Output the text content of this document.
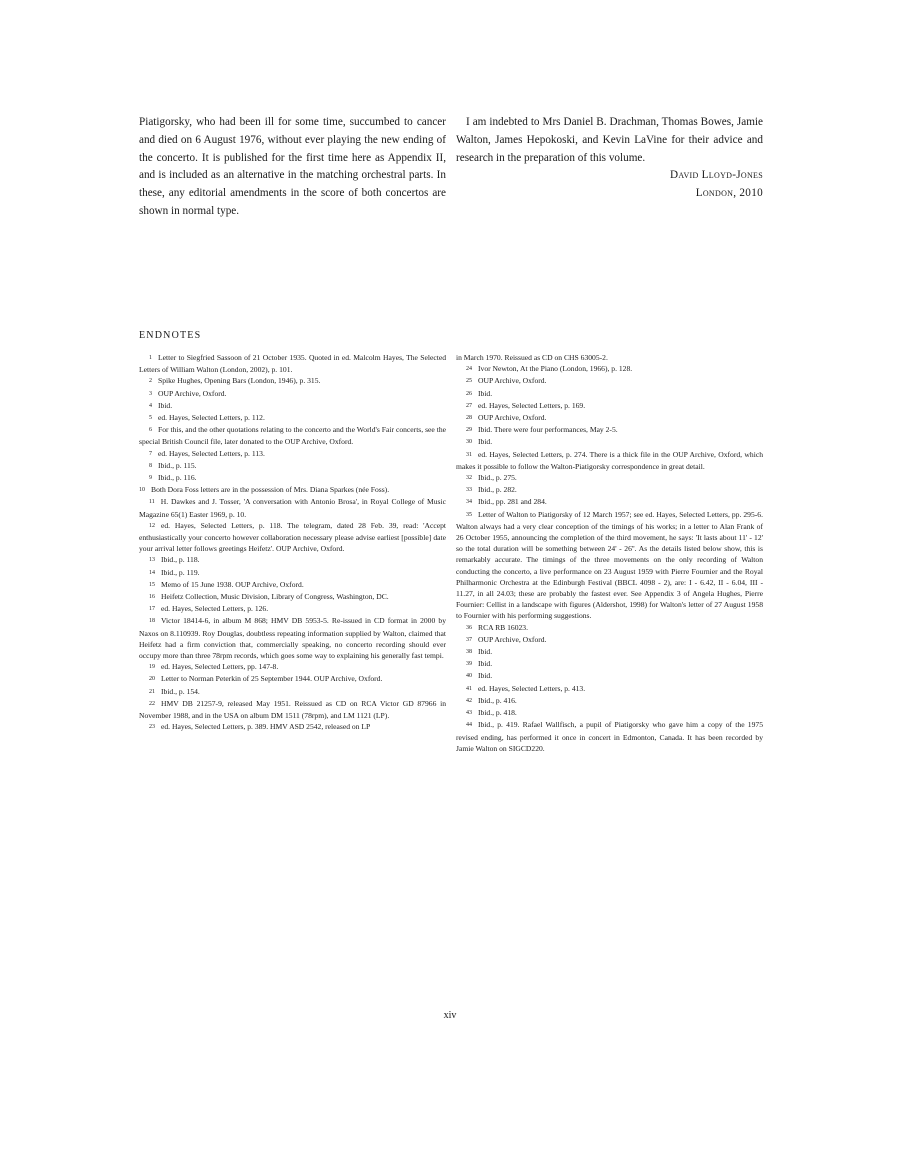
Piatigorsky, who had been ill for some time, succumbed to cancer and died on 6 August 1976, without ever playing the new ending of the concerto. It is published for the first time here as Appendix II, and is included as an alternative in the matching orchestral parts. In these, any editorial amendments in the score of both concertos are shown in normal type.

I am indebted to Mrs Daniel B. Drachman, Thomas Bowes, Jamie Walton, James Hepokoski, and Kevin LaVine for their advice and research in the preparation of this volume.

David Lloyd-Jones

London, 2010

ENDNOTES

1 Letter to Siegfried Sassoon of 21 October 1935. Quoted in ed. Malcolm Hayes, The Selected Letters of William Walton (London, 2002), p. 101.

2 Spike Hughes, Opening Bars (London, 1946), p. 315.

3 OUP Archive, Oxford.

4 Ibid.

5 ed. Hayes, Selected Letters, p. 112.

6 For this, and the other quotations relating to the concerto and the World's Fair concerts, see the special British Council file, later donated to the OUP Archive, Oxford.

7 ed. Hayes, Selected Letters, p. 113.

8 Ibid., p. 115.

9 Ibid., p. 116.

10 Both Dora Foss letters are in the possession of Mrs. Diana Sparkes (née Foss).

11 H. Dawkes and J. Tosser, 'A conversation with Antonio Brosa', in Royal College of Music Magazine 65(1) Easter 1969, p. 10.

12 ed. Hayes, Selected Letters, p. 118. The telegram, dated 28 Feb. 39, read: 'Accept enthusiastically your concerto however collaboration necessary please advise earliest [possible] date your arrival letter follows greetings Heifetz'. OUP Archive, Oxford.

13 Ibid., p. 118.

14 Ibid., p. 119.

15 Memo of 15 June 1938. OUP Archive, Oxford.

16 Heifetz Collection, Music Division, Library of Congress, Washington, DC.

17 ed. Hayes, Selected Letters, p. 126.

18 Victor 18414-6, in album M 868; HMV DB 5953-5. Re-issued in CD format in 2000 by Naxos on 8.110939. Roy Douglas, doubtless repeating information supplied by Walton, claimed that Heifetz had a firm conviction that, commercially speaking, no concerto recording should ever occupy more than three 78rpm records, which goes some way to explaining his generally fast tempi.

19 ed. Hayes, Selected Letters, pp. 147-8.

20 Letter to Norman Peterkin of 25 September 1944. OUP Archive, Oxford.

21 Ibid., p. 154.

22 HMV DB 21257-9, released May 1951. Reissued as CD on RCA Victor GD 87966 in November 1988, and in the USA on album DM 1511 (78rpm), and LM 1121 (LP).

23 ed. Hayes, Selected Letters, p. 389. HMV ASD 2542, released on LP

in March 1970. Reissued as CD on CHS 63005-2.

24 Ivor Newton, At the Piano (London, 1966), p. 128.

25 OUP Archive, Oxford.

26 Ibid.

27 ed. Hayes, Selected Letters, p. 169.

28 OUP Archive, Oxford.

29 Ibid. There were four performances, May 2-5.

30 Ibid.

31 ed. Hayes, Selected Letters, p. 274. There is a thick file in the OUP Archive, Oxford, which makes it possible to follow the Walton-Piatigorsky correspondence in great detail.

32 Ibid., p. 275.

33 Ibid., p. 282.

34 Ibid., pp. 281 and 284.

35 Letter of Walton to Piatigorsky of 12 March 1957; see ed. Hayes, Selected Letters, pp. 295-6. Walton always had a very clear conception of the timings of his works; in a letter to Alan Frank of 26 October 1955, announcing the completion of the third movement, he says: 'It lasts about 11' - 12' so the total duration will be something between 24' - 26''. As the details listed below show, this is remarkably accurate. The timings of the three movements on the only recording of Walton conducting the concerto, a live performance on 23 August 1959 with Pierre Fournier and the Royal Philharmonic Orchestra at the Edinburgh Festival (BBCL 4098 - 2), are: I - 6.42, II - 6.04, III - 11.27, in all 24.03; these are probably the fastest ever. See Appendix 3 of Angela Hughes, Pierre Fournier: Cellist in a landscape with figures (Aldershot, 1998) for Walton's letter of 27 August 1958 to Fournier with his performing suggestions.

36 RCA RB 16023.

37 OUP Archive, Oxford.

38 Ibid.

39 Ibid.

40 Ibid.

41 ed. Hayes, Selected Letters, p. 413.

42 Ibid., p. 416.

43 Ibid., p. 418.

44 Ibid., p. 419. Rafael Wallfisch, a pupil of Piatigorsky who gave him a copy of the 1975 revised ending, has performed it once in concert in Edmonton, Canada. It has been recorded by Jamie Walton on SIGCD220.

xiv
